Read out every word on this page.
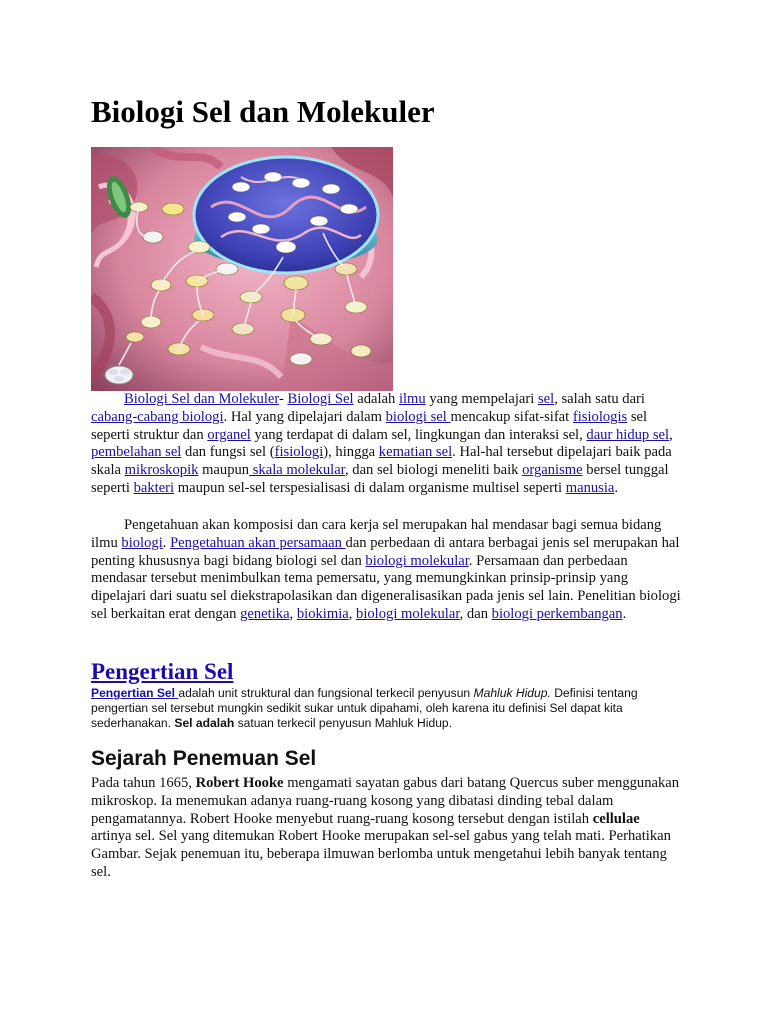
Biologi Sel dan Molekuler

Biologi Sel dan Molekuler- Biologi Sel adalah ilmu yang mempelajari sel, salah satu dari cabang-cabang biologi. Hal yang dipelajari dalam biologi sel mencakup sifat-sifat fisiologis sel seperti struktur dan organel yang terdapat di dalam sel, lingkungan dan interaksi sel, daur hidup sel, pembelahan sel dan fungsi sel (fisiologi), hingga kematian sel. Hal-hal tersebut dipelajari baik pada skala mikroskopik maupun skala molekular, dan sel biologi meneliti baik organisme bersel tunggal seperti bakteri maupun sel-sel terspesialisasi di dalam organisme multisel seperti manusia.

Pengetahuan akan komposisi dan cara kerja sel merupakan hal mendasar bagi semua bidang ilmu biologi. Pengetahuan akan persamaan dan perbedaan di antara berbagai jenis sel merupakan hal penting khususnya bagi bidang biologi sel dan biologi molekular. Persamaan dan perbedaan mendasar tersebut menimbulkan tema pemersatu, yang memungkinkan prinsip-prinsip yang dipelajari dari suatu sel diekstrapolasikan dan digeneralisasikan pada jenis sel lain. Penelitian biologi sel berkaitan erat dengan genetika, biokimia, biologi molekular, dan biologi perkembangan.

Pengertian Sel

Pengertian Sel adalah unit struktural dan fungsional terkecil penyusun Mahluk Hidup. Definisi tentang pengertian sel tersebut mungkin sedikit sukar untuk dipahami, oleh karena itu definisi Sel dapat kita sederhanakan. Sel adalah satuan terkecil penyusun Mahluk Hidup.

Sejarah Penemuan Sel

Pada tahun 1665, Robert Hooke mengamati sayatan gabus dari batang Quercus suber menggunakan mikroskop. Ia menemukan adanya ruang-ruang kosong yang dibatasi dinding tebal dalam pengamatannya. Robert Hooke menyebut ruang-ruang kosong tersebut dengan istilah cellulae artinya sel. Sel yang ditemukan Robert Hooke merupakan sel-sel gabus yang telah mati. Perhatikan Gambar. Sejak penemuan itu, beberapa ilmuwan berlomba untuk mengetahui lebih banyak tentang sel.
